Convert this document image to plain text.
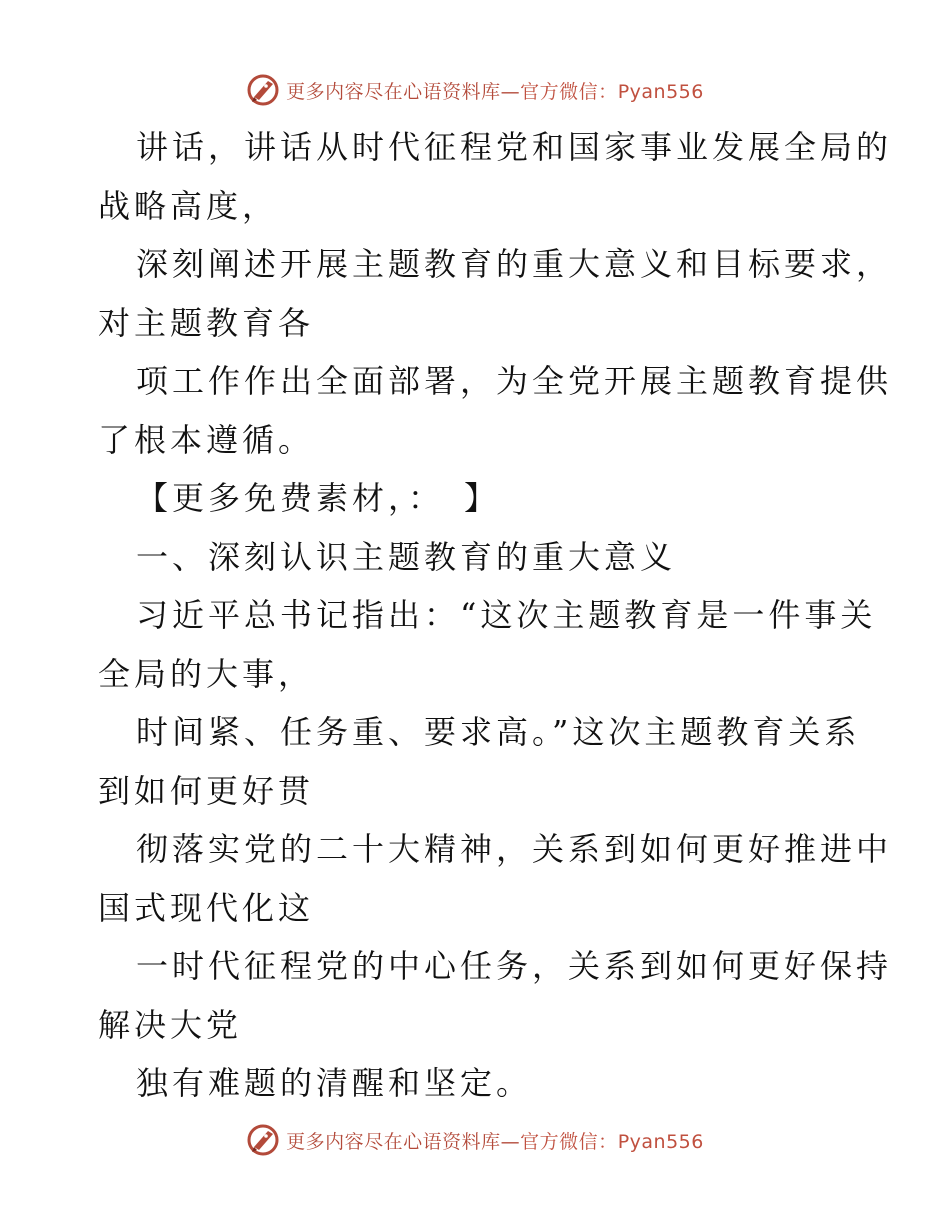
更多内容尽在心语资料库—官方微信：Pyan556
讲话，讲话从时代征程党和国家事业发展全局的
战略高度，
深刻阐述开展主题教育的重大意义和目标要求，
对主题教育各
项工作作出全面部署，为全党开展主题教育提供
了根本遵循。
【更多免费素材，：　】
一、深刻认识主题教育的重大意义
习近平总书记指出：“这次主题教育是一件事关
全局的大事，
时间紧、任务重、要求高。”这次主题教育关系
到如何更好贯
彻落实党的二十大精神，关系到如何更好推进中
国式现代化这
一时代征程党的中心任务，关系到如何更好保持
解决大党
独有难题的清醒和坚定。
更多内容尽在心语资料库—官方微信：Pyan556
